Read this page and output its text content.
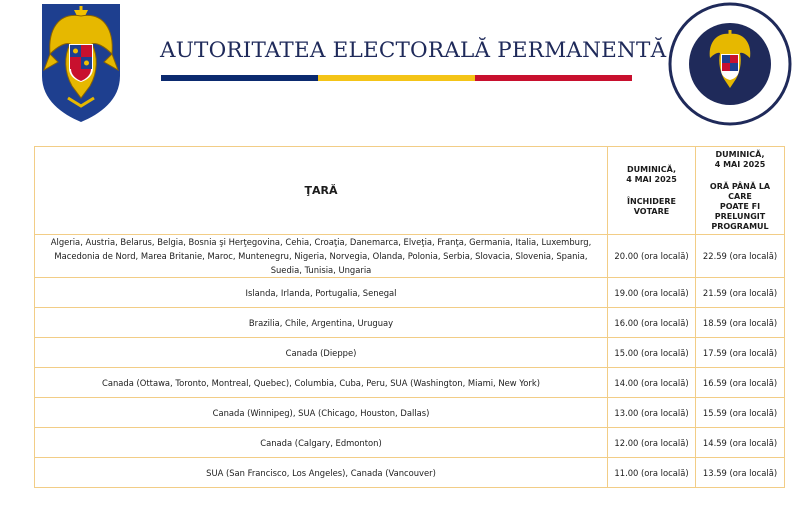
AUTORITATEA ELECTORALĂ PERMANENTĂ
ŢARĂ	DUMINICĂ,
4 MAI 2025
ÎNCHIDERE
VOTARE	DUMINICĂ,
4 MAI 2025
ORĂ PÂNĂ LA CARE
POATE FI PRELUNGIT
PROGRAMUL

Algeria, Austria, Belarus, Belgia, Bosnia şi Herţegovina, Cehia, Croaţia, Danemarca, Elveţia, Franţa, Germania, Italia, Luxemburg, Macedonia de Nord, Marea Britanie, Maroc, Muntenegru, Nigeria, Norvegia, Olanda, Polonia, Serbia, Slovacia, Slovenia, Spania, Suedia, Tunisia, Ungaria	20.00 (ora locală)	22.59 (ora locală)
Islanda, Irlanda, Portugalia, Senegal	19.00 (ora locală)	21.59 (ora locală)
Brazilia, Chile, Argentina, Uruguay	16.00 (ora locală)	18.59 (ora locală)
Canada (Dieppe)	15.00 (ora locală)	17.59 (ora locală)
Canada (Ottawa, Toronto, Montreal, Quebec), Columbia, Cuba, Peru, SUA (Washington, Miami, New York)	14.00 (ora locală)	16.59 (ora locală)
Canada (Winnipeg), SUA (Chicago, Houston, Dallas)	13.00 (ora locală)	15.59 (ora locală)
Canada (Calgary, Edmonton)	12.00 (ora locală)	14.59 (ora locală)
SUA (San Francisco, Los Angeles), Canada (Vancouver)	11.00 (ora locală)	13.59 (ora locală)
